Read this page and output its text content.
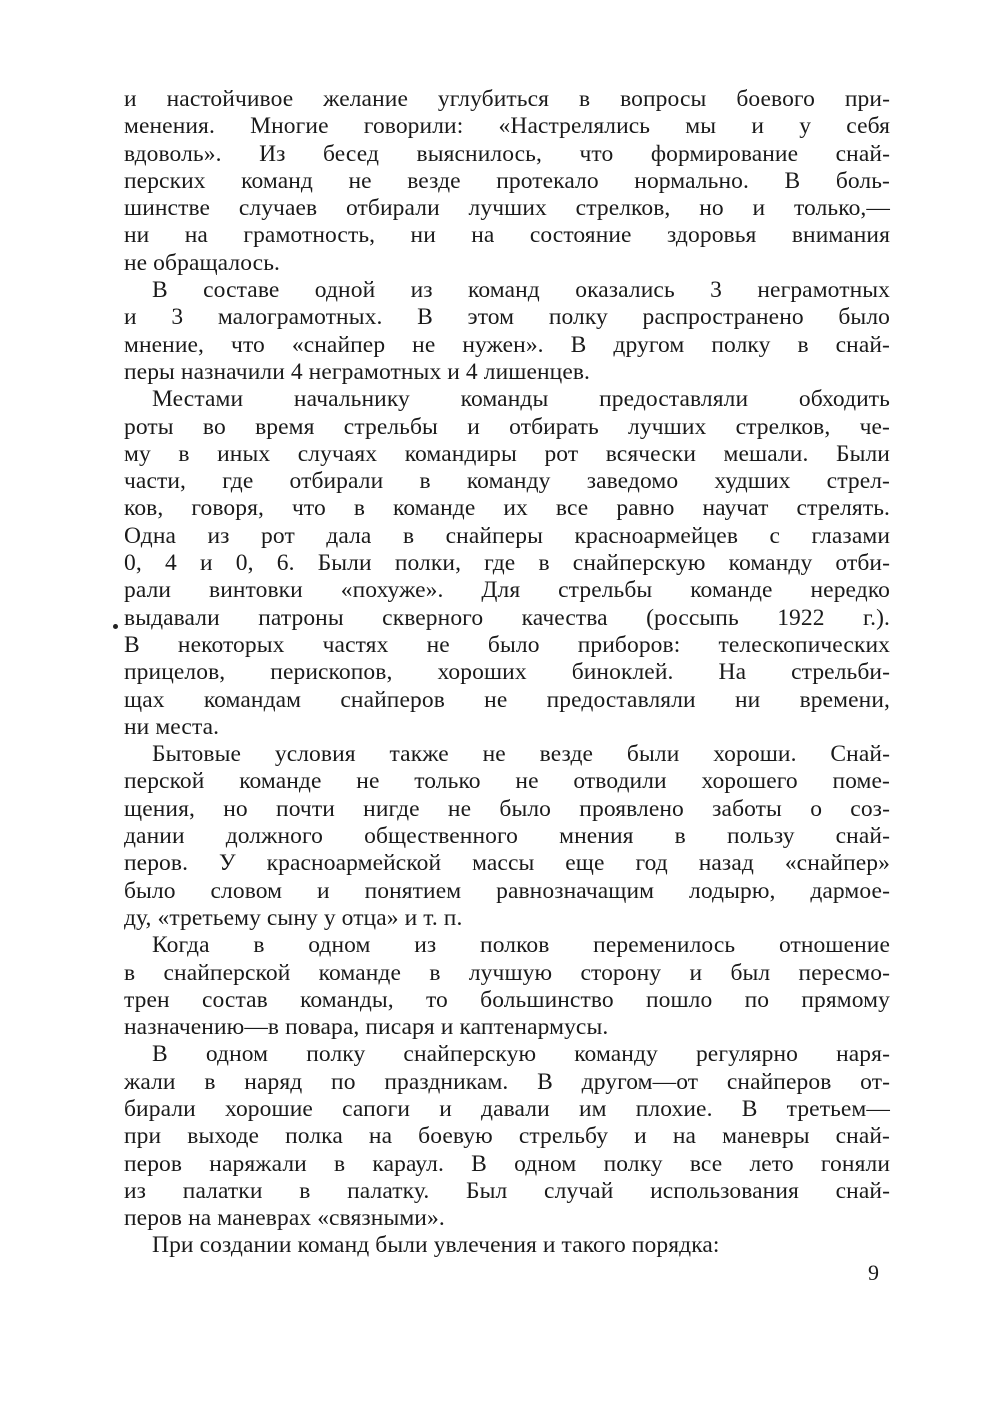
и настойчивое желание углубиться в вопросы боевого при-
менения. Многие говорили: «Настрелялись мы и у себя
вдоволь». Из бесед выяснилось, что формирование снай-
перских команд не везде протекало нормально. В боль-
шинстве случаев отбирали лучших стрелков, но и только,—
ни на грамотность, ни на состояние здоровья внимания
не обращалось.
В составе одной из команд оказались 3 неграмотных
и 3 малограмотных. В этом полку распространено было
мнение, что «снайпер не нужен». В другом полку в снай-
перы назначили 4 неграмотных и 4 лишенцев.
Местами начальнику команды предоставляли обходить
роты во время стрельбы и отбирать лучших стрелков, че-
му в иных случаях командиры рот всячески мешали. Были
части, где отбирали в команду заведомо худших стрел-
ков, говоря, что в команде их все равно научат стрелять.
Одна из рот дала в снайперы красноармейцев с глазами
0, 4 и 0, 6. Были полки, где в снайперскую команду отби-
рали винтовки «похуже». Для стрельбы команде нередко
выдавали патроны скверного качества (россыпь 1922 г.).
В некоторых частях не было приборов: телескопических
прицелов, перископов, хороших биноклей. На стрельби-
щах командам снайперов не предоставляли ни времени,
ни места.
Бытовые условия также не везде были хороши. Снай-
перской команде не только не отводили хорошего поме-
щения, но почти нигде не было проявлено заботы о соз-
дании должного общественного мнения в пользу снай-
перов. У красноармейской массы еще год назад «снайпер»
было словом и понятием равнозначащим лодырю, дармое-
ду, «третьему сыну у отца» и т. п.
Когда в одном из полков переменилось отношение
в снайперской команде в лучшую сторону и был пересмо-
трен состав команды, то большинство пошло по прямому
назначению—в повара, писаря и каптенармусы.
В одном полку снайперскую команду регулярно наря-
жали в наряд по праздникам. В другом—от снайперов от-
бирали хорошие сапоги и давали им плохие. В третьем—
при выходе полка на боевую стрельбу и на маневры снай-
перов наряжали в караул. В одном полку все лето гоняли
из палатки в палатку. Был случай использования снай-
перов на маневрах «связными».
При создании команд были увлечения и такого порядка:
9
